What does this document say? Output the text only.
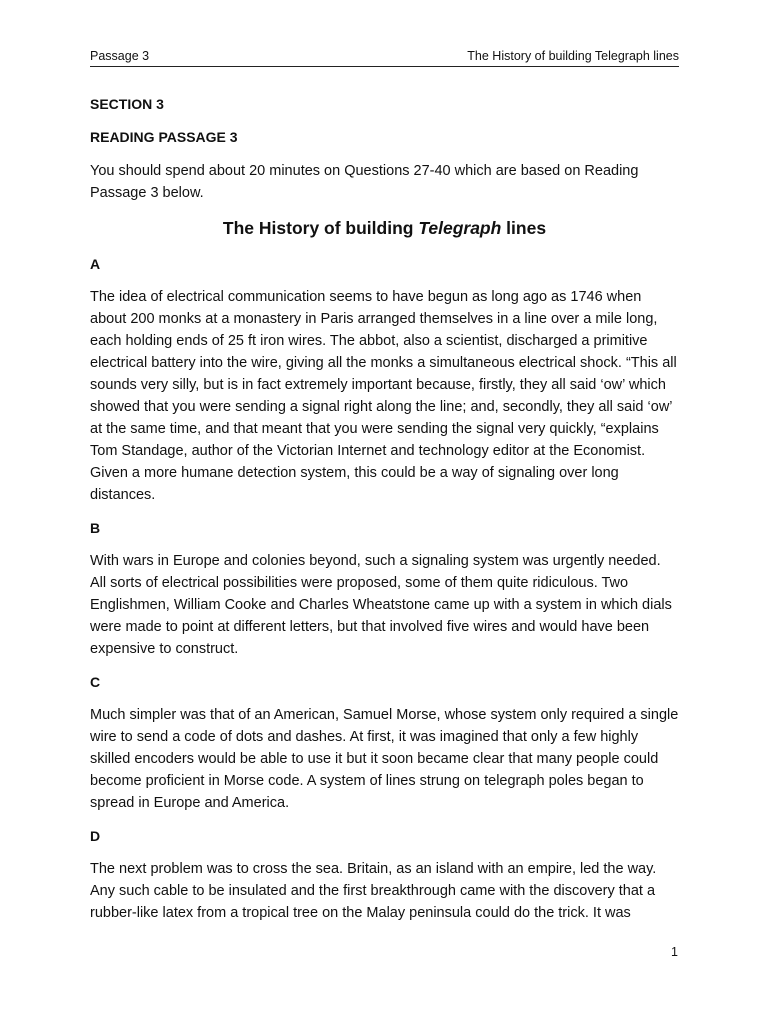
Passage 3	The History of building Telegraph lines
SECTION 3
READING PASSAGE 3

You should spend about 20 minutes on Questions 27-40 which are based on Reading Passage 3 below.

The History of building Telegraph lines
A

The idea of electrical communication seems to have begun as long ago as 1746 when about 200 monks at a monastery in Paris arranged themselves in a line over a mile long, each holding ends of 25 ft iron wires. The abbot, also a scientist, discharged a primitive electrical battery into the wire, giving all the monks a simultaneous electrical shock. “This all sounds very silly, but is in fact extremely important because, firstly, they all said ‘ow’ which showed that you were sending a signal right along the line; and, secondly, they all said ‘ow’ at the same time, and that meant that you were sending the signal very quickly, “explains Tom Standage, author of the Victorian Internet and technology editor at the Economist. Given a more humane detection system, this could be a way of signaling over long distances.

B

With wars in Europe and colonies beyond, such a signaling system was urgently needed. All sorts of electrical possibilities were proposed, some of them quite ridiculous. Two Englishmen, William Cooke and Charles Wheatstone came up with a system in which dials were made to point at different letters, but that involved five wires and would have been expensive to construct.

C

Much simpler was that of an American, Samuel Morse, whose system only required a single wire to send a code of dots and dashes. At first, it was imagined that only a few highly skilled encoders would be able to use it but it soon became clear that many people could become proficient in Morse code. A system of lines strung on telegraph poles began to spread in Europe and America.

D

The next problem was to cross the sea. Britain, as an island with an empire, led the way. Any such cable to be insulated and the first breakthrough came with the discovery that a rubber-like latex from a tropical tree on the Malay peninsula could do the trick. It was

1
